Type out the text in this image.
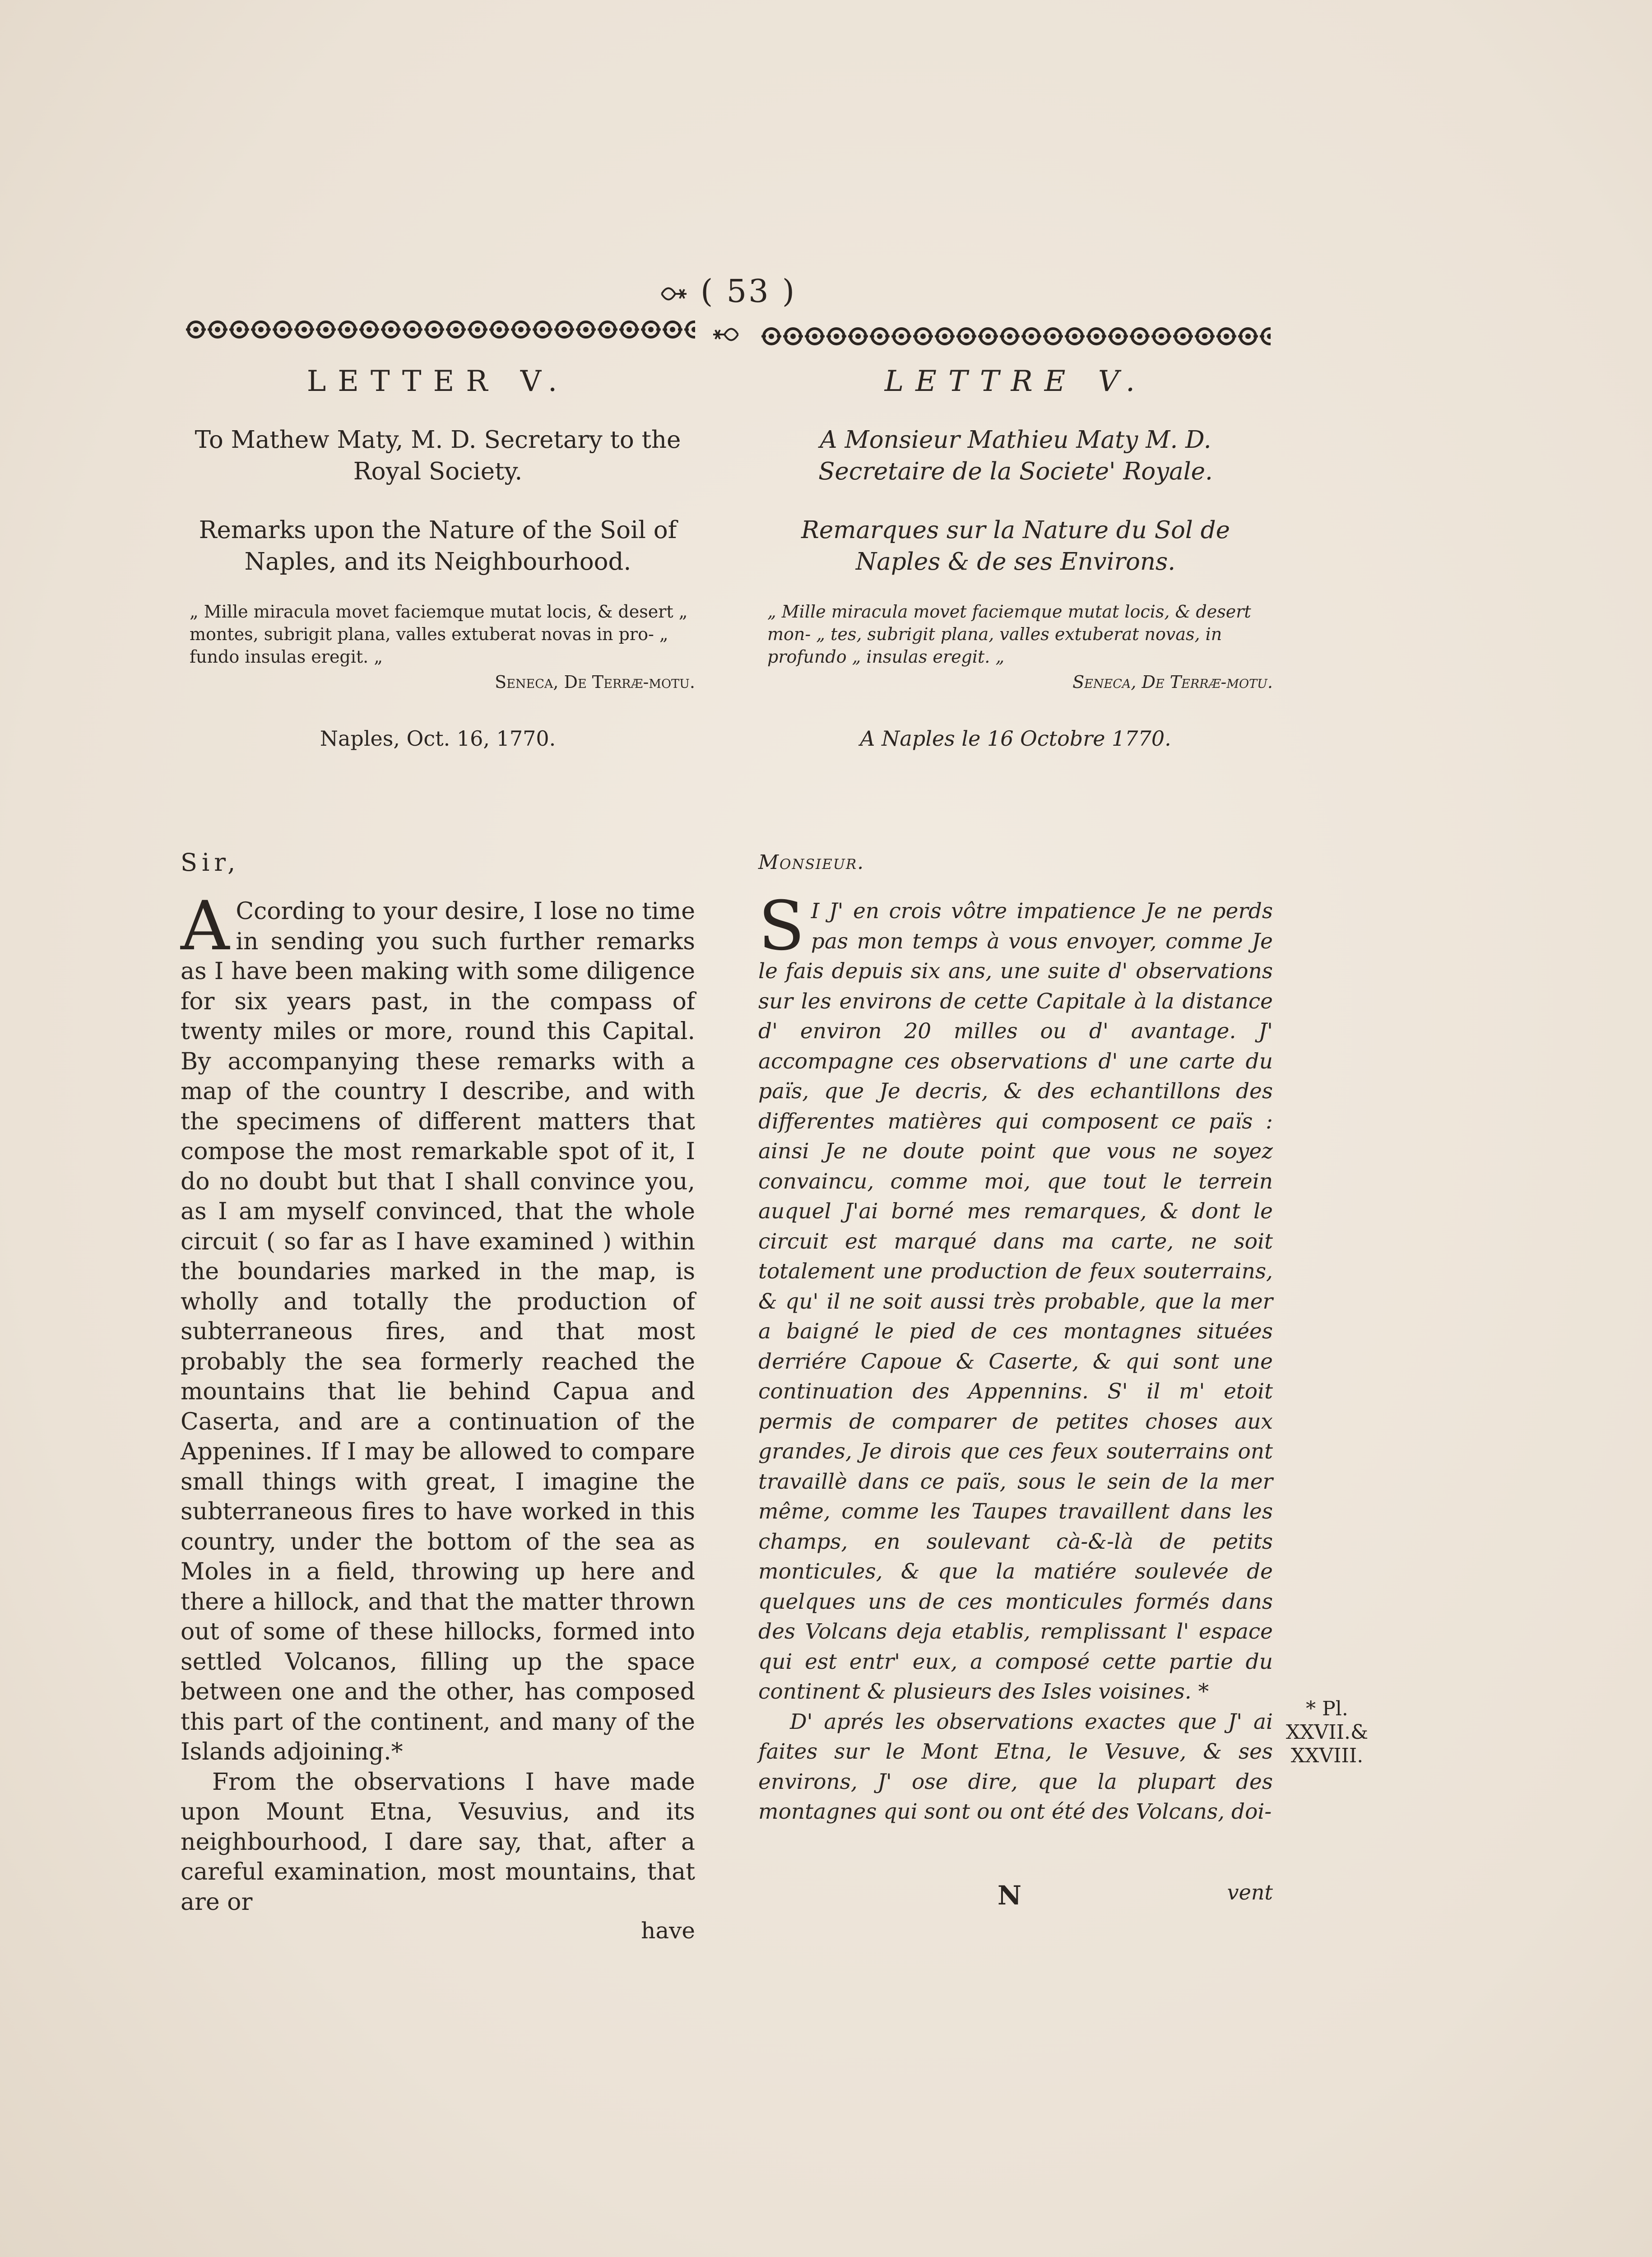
( 53 )
LETTER V.
To Mathew Maty, M. D. Secretary to the Royal Society.
Remarks upon the Nature of the Soil of Naples, and its Neighbourhood.
„ Mille miracula movet faciemque mutat locis, & desert „ montes, subrigit plana, valles extuberat novas in pro- „ fundo insulas eregit. „
Seneca, De Terræ-motu.
Naples, Oct. 16, 1770.
Sir,

A Ccording to your desire, I lose no time in sending you such further remarks as I have been making with some diligence for six years past, in the compass of twenty miles or more, round this Capital. By accompanying these remarks with a map of the country I describe, and with the specimens of different matters that compose the most remarkable spot of it, I do no doubt but that I shall convince you, as I am myself convinced, that the whole circuit ( so far as I have examined ) within the boundaries marked in the map, is wholly and totally the production of subterraneous fires, and that most probably the sea formerly reached the mountains that lie behind Capua and Caserta, and are a continuation of the Appenines. If I may be allowed to compare small things with great, I imagine the subterraneous fires to have worked in this country, under the bottom of the sea as Moles in a field, throwing up here and there a hillock, and that the matter thrown out of some of these hillocks, formed into settled Volcanos, filling up the space between one and the other, has composed this part of the continent, and many of the Islands adjoining.*

From the observations I have made upon Mount Etna, Vesuvius, and its neighbourhood, I dare say, that, after a careful examination, most mountains, that are or

have
LETTRE V.
A Monsieur Mathieu Maty M. D. Secretaire de la Societe' Royale.
Remarques sur la Nature du Sol de Naples & de ses Environs.
„ Mille miracula movet faciemque mutat locis, & desert mon- „ tes, subrigit plana, valles extuberat novas, in profundo „ insulas eregit. „
Seneca, De Terræ-motu.
A Naples le 16 Octobre 1770.
Monsieur.

S I J' en crois vôtre impatience Je ne perds pas mon temps à vous envoyer, comme Je le fais depuis six ans, une suite d' observations sur les environs de cette Capitale à la distance d' environ 20 milles ou d' avantage. J' accompagne ces observations d' une carte du païs, que Je decris, & des echantillons des differentes matières qui composent ce païs : ainsi Je ne doute point que vous ne soyez convaincu, comme moi, que tout le terrein auquel J'ai borné mes remarques, & dont le circuit est marqué dans ma carte, ne soit totalement une production de feux souterrains, & qu' il ne soit aussi très probable, que la mer a baigné le pied de ces montagnes situées derriére Capoue & Caserte, & qui sont une continuation des Appennins. S' il m' etoit permis de comparer de petites choses aux grandes, Je dirois que ces feux souterrains ont travaillè dans ce païs, sous le sein de la mer même, comme les Taupes travaillent dans les champs, en soulevant cà-&-là de petits monticules, & que la matiére soulevée de quelques uns de ces monticules formés dans des Volcans deja etablis, remplissant l' espace qui est entr' eux, a composé cette partie du continent & plusieurs des Isles voisines. *

D' aprés les observations exactes que J' ai faites sur le Mont Etna, le Vesuve, & ses environs, J' ose dire, que la plupart des montagnes qui sont ou ont été des Volcans, doi-

N	vent
* Pl. XXVII.& XXVIII.
